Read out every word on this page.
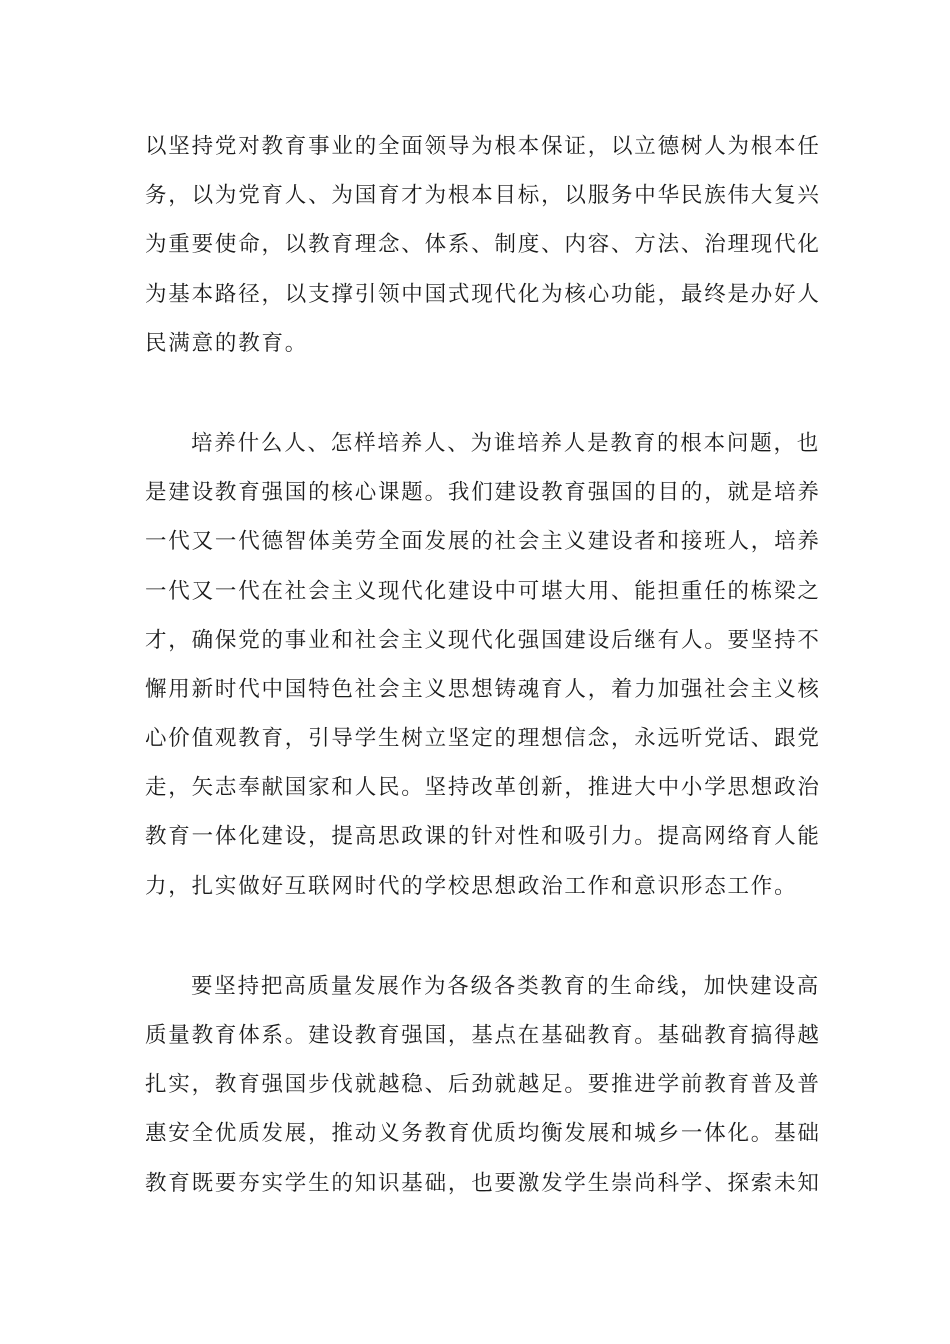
以坚持党对教育事业的全面领导为根本保证，以立德树人为根本任
务，以为党育人、为国育才为根本目标，以服务中华民族伟大复兴
为重要使命，以教育理念、体系、制度、内容、方法、治理现代化
为基本路径，以支撑引领中国式现代化为核心功能，最终是办好人
民满意的教育。
培养什么人、怎样培养人、为谁培养人是教育的根本问题，也
是建设教育强国的核心课题。我们建设教育强国的目的，就是培养
一代又一代德智体美劳全面发展的社会主义建设者和接班人，培养
一代又一代在社会主义现代化建设中可堪大用、能担重任的栋梁之
才，确保党的事业和社会主义现代化强国建设后继有人。要坚持不
懈用新时代中国特色社会主义思想铸魂育人，着力加强社会主义核
心价值观教育，引导学生树立坚定的理想信念，永远听党话、跟党
走，矢志奉献国家和人民。坚持改革创新，推进大中小学思想政治
教育一体化建设，提高思政课的针对性和吸引力。提高网络育人能
力，扎实做好互联网时代的学校思想政治工作和意识形态工作。
要坚持把高质量发展作为各级各类教育的生命线，加快建设高
质量教育体系。建设教育强国，基点在基础教育。基础教育搞得越
扎实，教育强国步伐就越稳、后劲就越足。要推进学前教育普及普
惠安全优质发展，推动义务教育优质均衡发展和城乡一体化。基础
教育既要夯实学生的知识基础，也要激发学生崇尚科学、探索未知
